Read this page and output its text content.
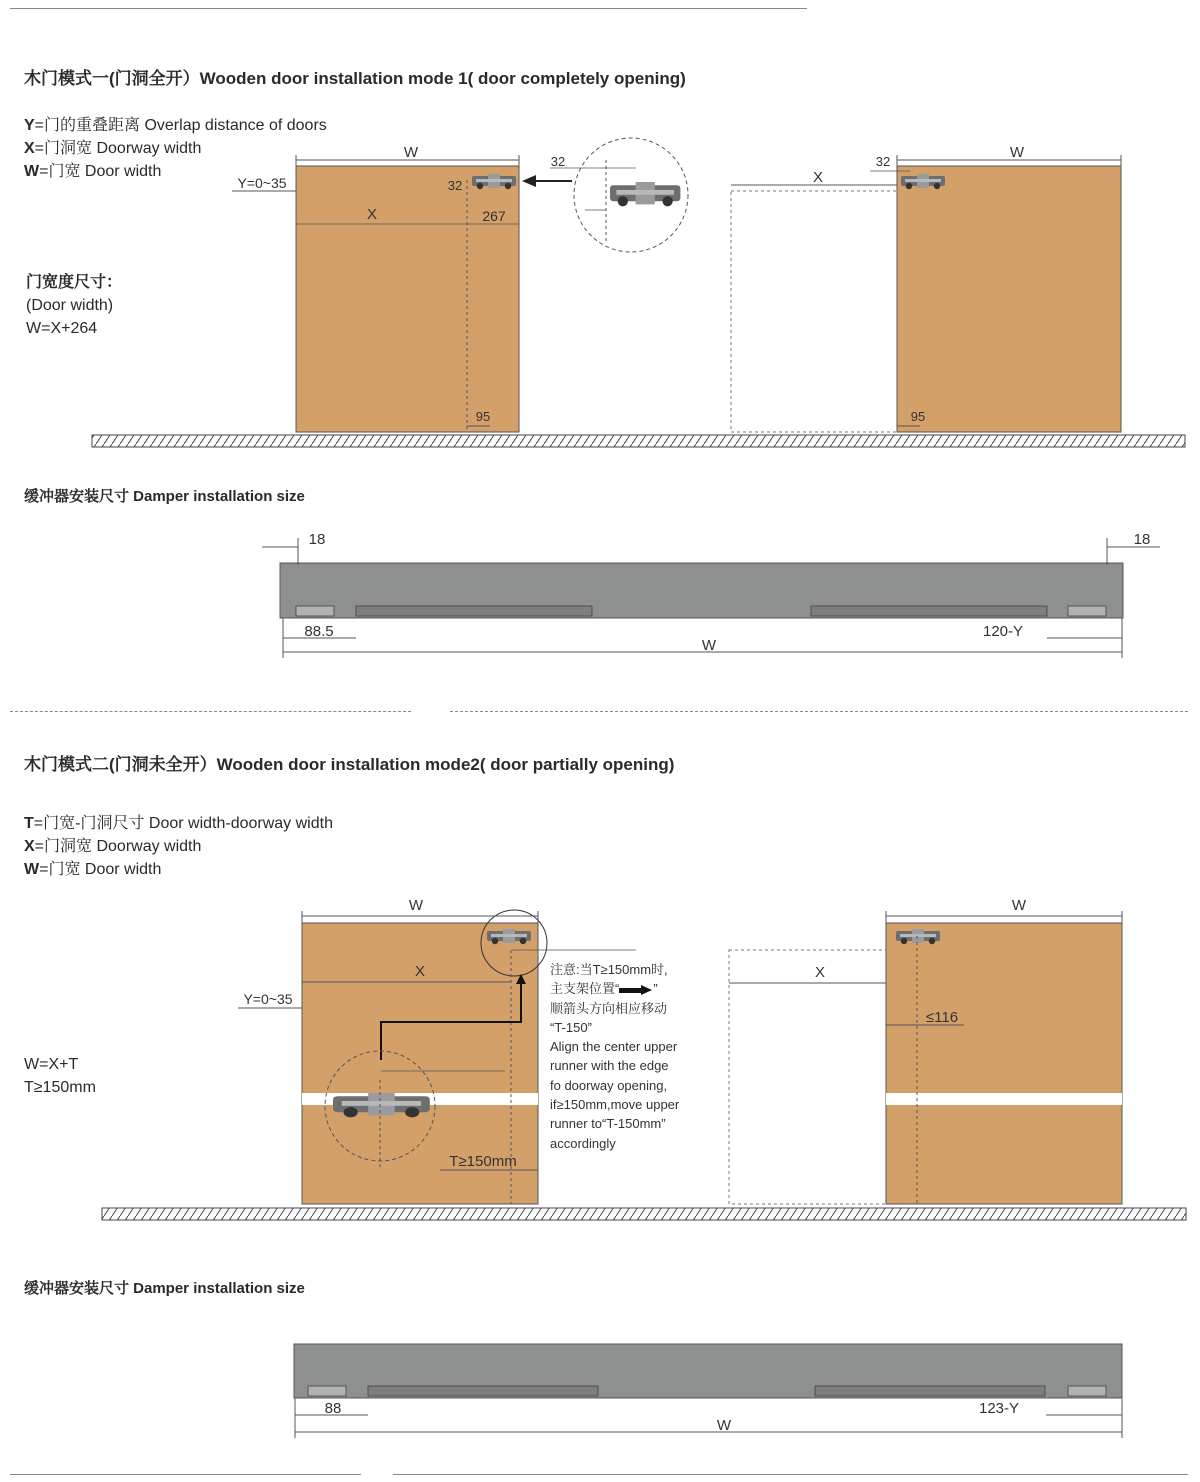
木门模式一(门洞全开）Wooden door installation mode 1( door completely opening)
Y=门的重叠距离 Overlap distance of doors
X=门洞宽 Doorway width
W=门宽 Door width
门宽度尺寸：
(Door width)
W=X+264
W
X	267
32
Y=0~35
95
32
X
W
32
95
缓冲器安装尺寸 Damper installation size
18	18
88.5	120-Y
W
木门模式二(门洞未全开）Wooden door installation mode2( door partially opening)
T=门宽-门洞尺寸 Door width-doorway width
X=门洞宽 Doorway width
W=门宽 Door width
W=X+T
T≥150mm
注意:当T≥150mm时,
主支架位置“	”
顺箭头方向相应移动
“T-150”
Align the center upper
runner with the edge
fo doorway opening,
if≥150mm,move upper
runner to“T-150mm”
accordingly
W
X
Y=0~35
T≥150mm
X
W
≤116
缓冲器安装尺寸 Damper installation size
88	123-Y
W
